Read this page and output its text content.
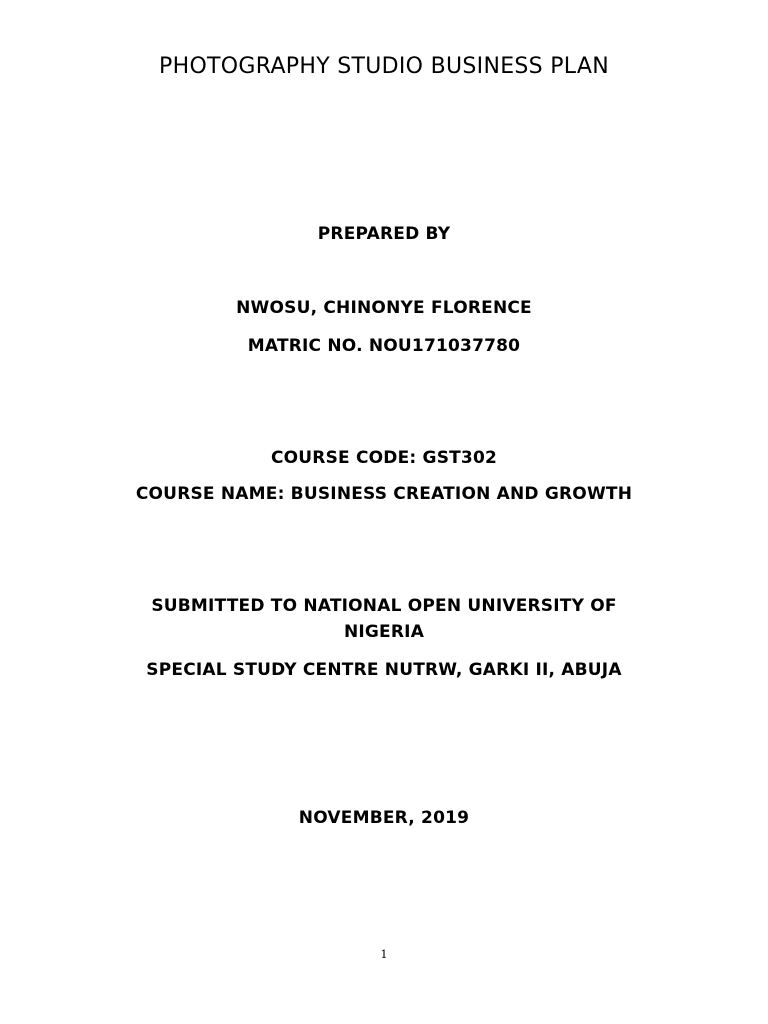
PHOTOGRAPHY STUDIO BUSINESS PLAN
PREPARED BY
NWOSU, CHINONYE FLORENCE
MATRIC NO. NOU171037780
COURSE CODE: GST302
COURSE NAME: BUSINESS CREATION AND GROWTH
SUBMITTED TO NATIONAL OPEN UNIVERSITY OF
NIGERIA
SPECIAL STUDY CENTRE NUTRW, GARKI II, ABUJA
NOVEMBER, 2019
1
